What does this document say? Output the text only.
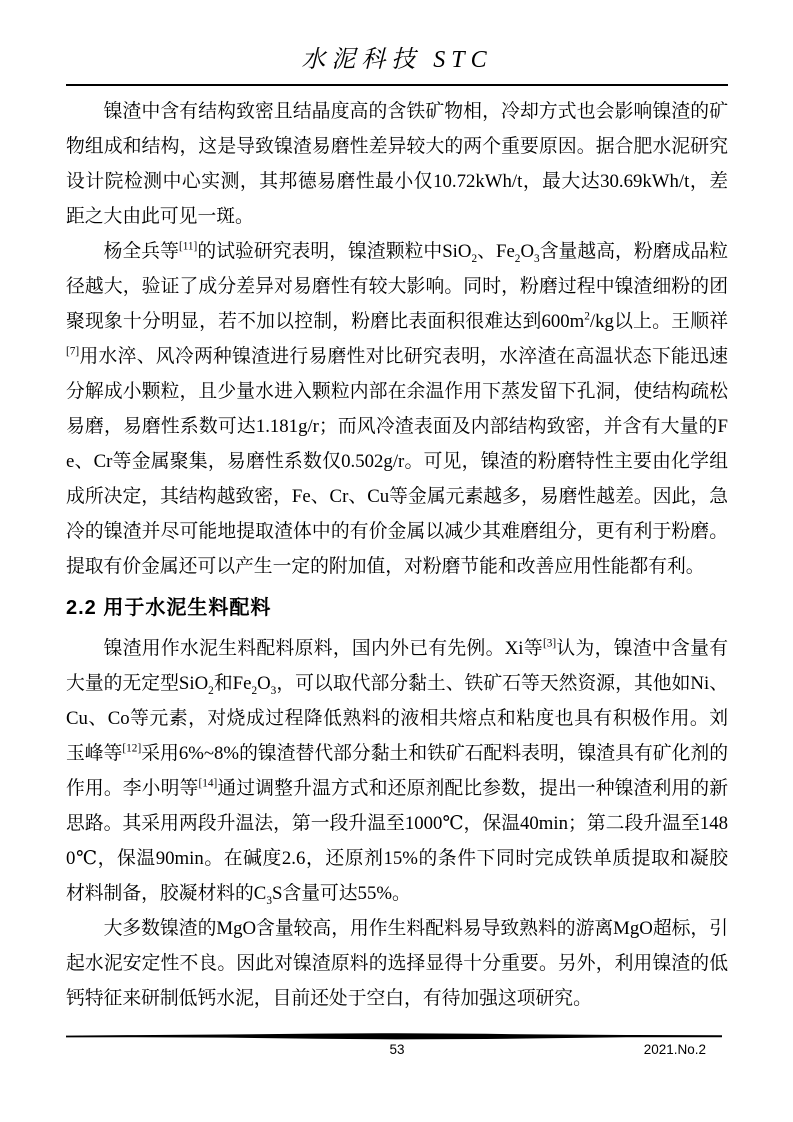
水泥科技 STC

镍渣中含有结构致密且结晶度高的含铁矿物相，冷却方式也会影响镍渣的矿物组成和结构，这是导致镍渣易磨性差异较大的两个重要原因。据合肥水泥研究设计院检测中心实测，其邦德易磨性最小仅10.72kWh/t，最大达30.69kWh/t，差距之大由此可见一斑。

杨全兵等[11]的试验研究表明，镍渣颗粒中SiO$_2$、$Fe_2O_3$含量越高，粉磨成品粒径越大，验证了成分差异对易磨性有较大影响。同时，粉磨过程中镍渣细粉的团聚现象十分明显，若不加以控制，粉磨比表面积很难达到$600m^2/kg$以上。王顺祥[7]用水淬、风冷两种镍渣进行易磨性对比研究表明，水淬渣在高温状态下能迅速分解成小颗粒，且少量水进入颗粒内部在余温作用下蒸发留下孔洞，使结构疏松易磨，易磨性系数可达1.181g/r；而风冷渣表面及内部结构致密，并含有大量的Fe、Cr等金属聚集，易磨性系数仅0.502g/r。可见，镍渣的粉磨特性主要由化学组成所决定，其结构越致密，Fe、Cr、Cu等金属元素越多，易磨性越差。因此，急冷的镍渣并尽可能地提取渣体中的有价金属以减少其难磨组分，更有利于粉磨。提取有价金属还可以产生一定的附加值，对粉磨节能和改善应用性能都有利。

2.2 用于水泥生料配料

镍渣用作水泥生料配料原料，国内外已有先例。Xi等[3]认为，镍渣中含量有大量的无定型SiO$_2$和$Fe_2O_3$，可以取代部分黏土、铁矿石等天然资源，其他如Ni、Cu、Co等元素，对烧成过程降低熟料的液相共熔点和粘度也具有积极作用。刘玉峰等[12]采用6%~8%的镍渣替代部分黏土和铁矿石配料表明，镍渣具有矿化剂的作用。李小明等[14]通过调整升温方式和还原剂配比参数，提出一种镍渣利用的新思路。其采用两段升温法，第一段升温至1000℃，保温40min；第二段升温至1480℃，保温90min。在碱度2.6，还原剂15%的条件下同时完成铁单质提取和凝胶材料制备，胶凝材料的$C_3S$含量可达55%。

大多数镍渣的MgO含量较高，用作生料配料易导致熟料的游离MgO超标，引起水泥安定性不良。因此对镍渣原料的选择显得十分重要。另外，利用镍渣的低钙特征来研制低钙水泥，目前还处于空白，有待加强这项研究。

53	2021.No.2
